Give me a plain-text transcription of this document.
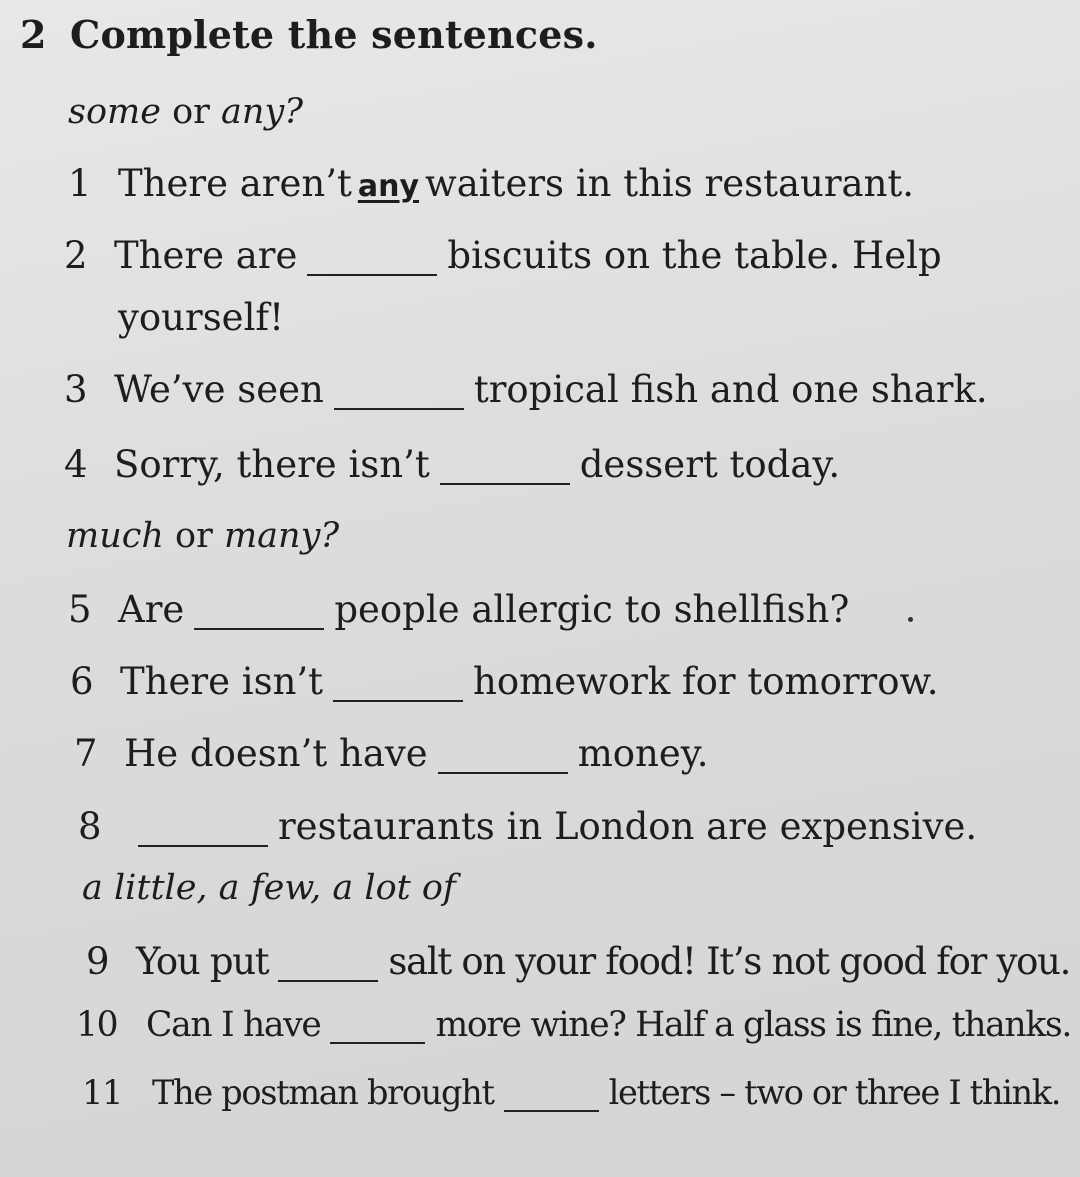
2 Complete the sentences.
some or any?
1 There aren’t any waiters in this restaurant.
2 There are	biscuits on the table. Help
yourself!
3 We’ve seen	tropical fish and one shark.
4 Sorry, there isn’t	dessert today.
much or many?
5 Are	people allergic to shellfish?
6 There isn’t	homework for tomorrow.
7 He doesn’t have	money.
8	restaurants in London are expensive.
a little, a few, a lot of
9 You put	salt on your food! It’s not good for you.
10 Can I have	more wine? Half a glass is fine, thanks.
11 The postman brought	letters – two or three I think.
